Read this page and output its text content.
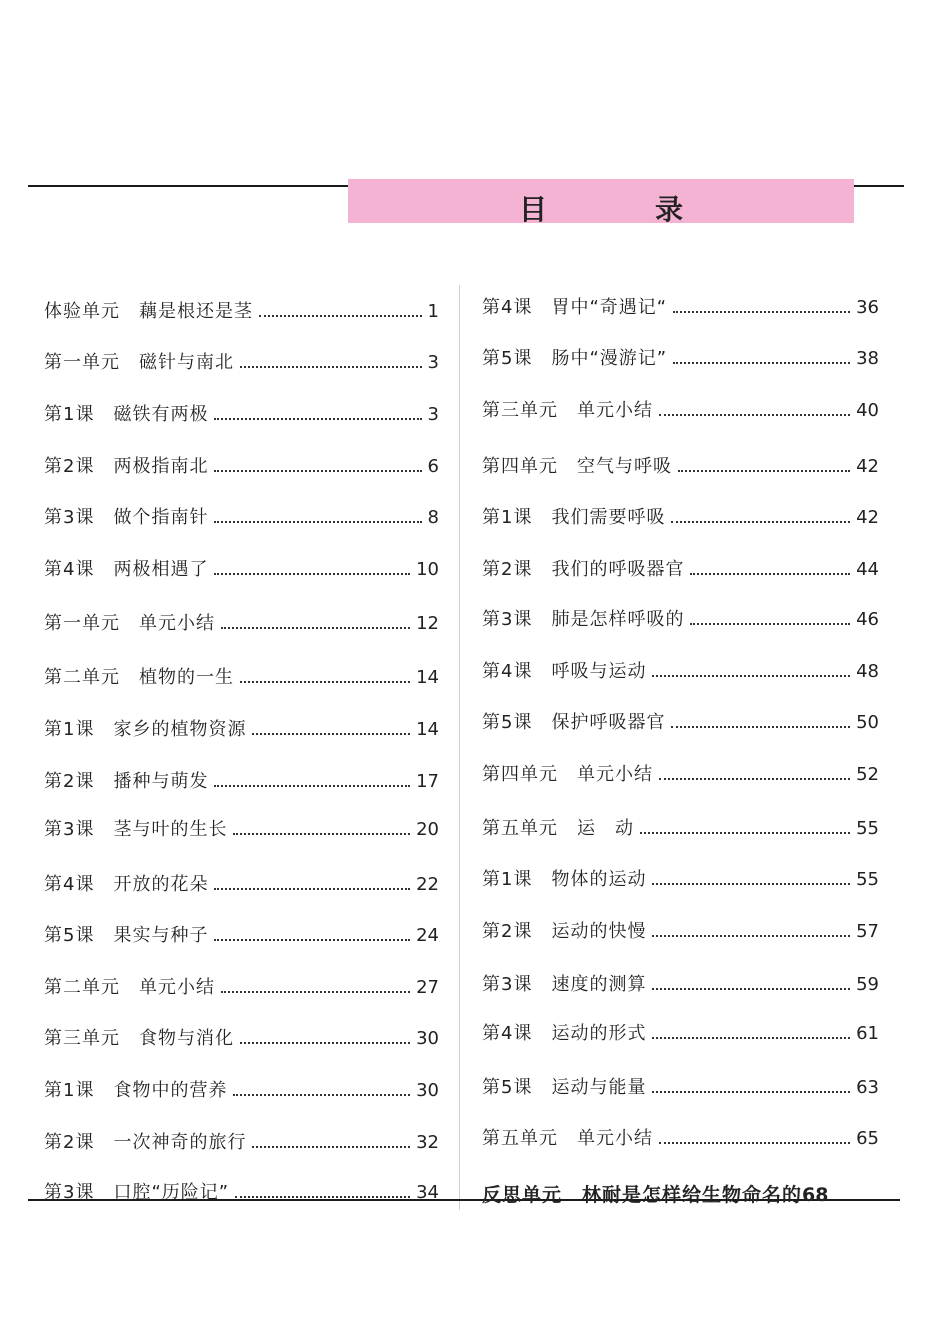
目　录
体验单元　藕是根还是茎	1
第一单元　磁针与南北	3
第1课　磁铁有两极	3
第2课　两极指南北	6
第3课　做个指南针	8
第4课　两极相遇了	10
第一单元　单元小结	12
第二单元　植物的一生	14
第1课　家乡的植物资源	14
第2课　播种与萌发	17
第3课　茎与叶的生长	20
第4课　开放的花朵	22
第5课　果实与种子	24
第二单元　单元小结	27
第三单元　食物与消化	30
第1课　食物中的营养	30
第2课　一次神奇的旅行	32
第3课　口腔“历险记”	34
第4课　胃中“奇遇记“	36
第5课　肠中“漫游记”	38
第三单元　单元小结	40
第四单元　空气与呼吸	42
第1课　我们需要呼吸	42
第2课　我们的呼吸器官	44
第3课　肺是怎样呼吸的	46
第4课　呼吸与运动	48
第5课　保护呼吸器官	50
第四单元　单元小结	52
第五单元　运　动	55
第1课　物体的运动	55
第2课　运动的快慢	57
第3课　速度的测算	59
第4课　运动的形式	61
第5课　运动与能量	63
第五单元　单元小结	65
反思单元　林耐是怎样给生物命名的 68
